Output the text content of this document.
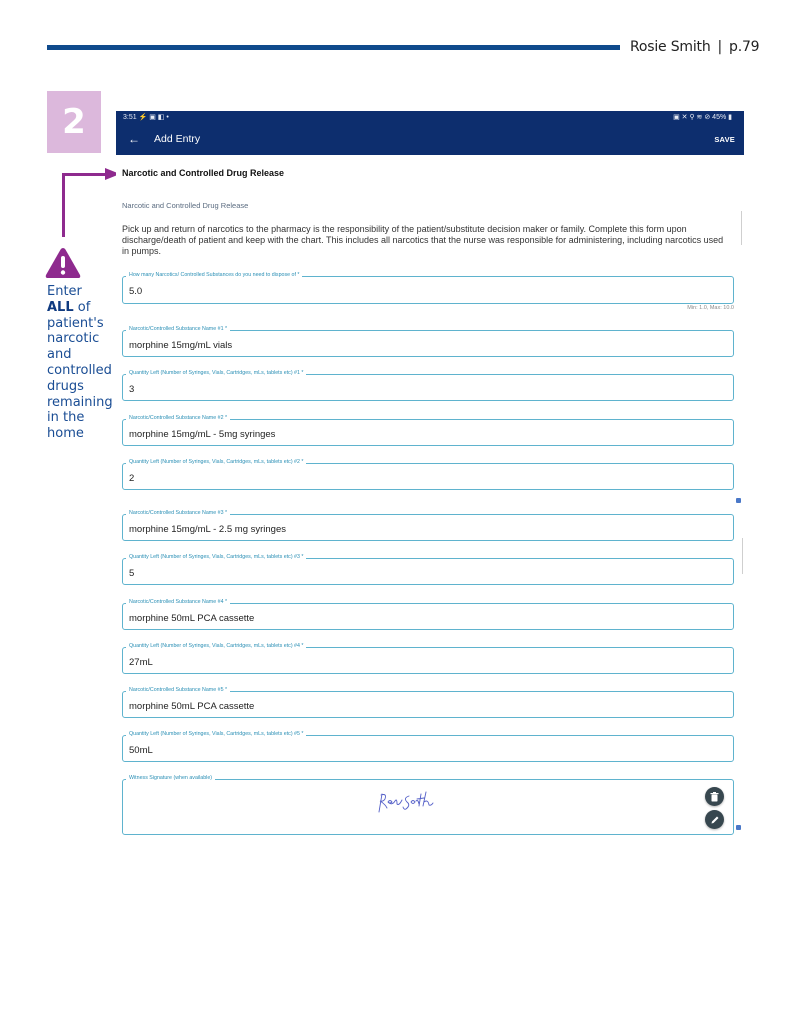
Rosie Smith | p.79
2
Enter
ALL of patient's narcotic and controlled drugs remaining in the home
3:51 ⚡ ▣ ◧ •	▣ ✕ ⚲ ≋ ⊘ 45% ▮
← Add Entry	SAVE
Narcotic and Controlled Drug Release
Narcotic and Controlled Drug Release
Pick up and return of narcotics to the pharmacy is the responsibility of the patient/substitute decision maker or family. Complete this form upon discharge/death of patient and keep with the chart. This includes all narcotics that the nurse was responsible for administering, including narcotics used in pumps.
How many Narcotics/ Controlled Substances do you need to dispose of *
5.0
Min: 1.0, Max: 10.0
Narcotic/Controlled Substance Name #1 *
morphine 15mg/mL vials
Quantity Left (Number of Syringes, Vials, Cartridges, mLs, tablets etc) #1 *
3
Narcotic/Controlled Substance Name #2 *
morphine 15mg/mL - 5mg syringes
Quantity Left (Number of Syringes, Vials, Cartridges, mLs, tablets etc) #2 *
2
Narcotic/Controlled Substance Name #3 *
morphine 15mg/mL - 2.5 mg syringes
Quantity Left (Number of Syringes, Vials, Cartridges, mLs, tablets etc) #3 *
5
Narcotic/Controlled Substance Name #4 *
morphine 50mL PCA cassette
Quantity Left (Number of Syringes, Vials, Cartridges, mLs, tablets etc) #4 *
27mL
Narcotic/Controlled Substance Name #5 *
morphine 50mL PCA cassette
Quantity Left (Number of Syringes, Vials, Cartridges, mLs, tablets etc) #5 *
50mL
Witness Signature (when available)
